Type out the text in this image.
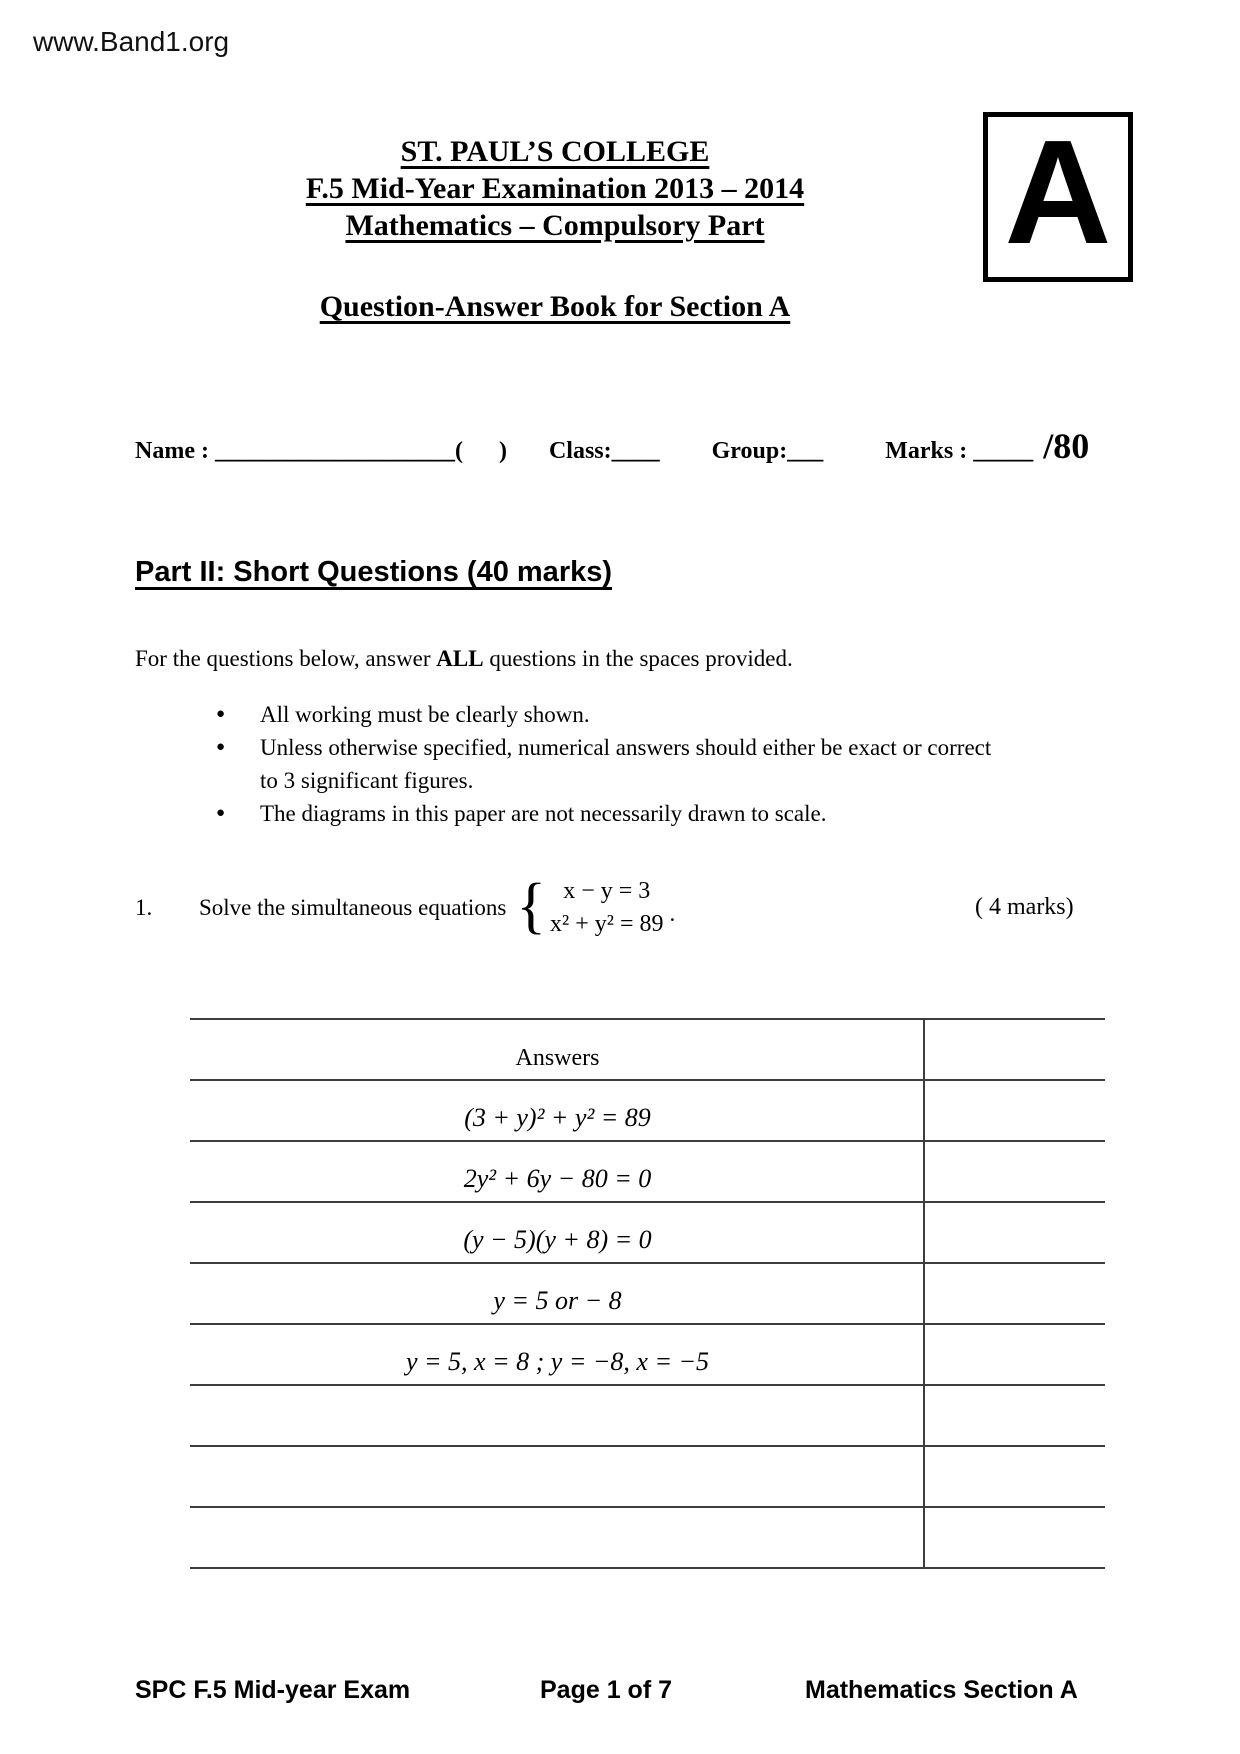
www.Band1.org
ST. PAUL’S COLLEGE
F.5 Mid-Year Examination 2013 – 2014
Mathematics – Compulsory Part	A
Question-Answer Book for Section A
Name : ____________________ (      ) Class: ____ Group: ___	Marks : _____ /80
Part II: Short Questions (40 marks)
For the questions below, answer ALL questions in the spaces provided.
●	All working must be clearly shown.
●	Unless otherwise specified, numerical answers should either be exact or correct
to 3 significant figures.
●	The diagrams in this paper are not necessarily drawn to scale.
1.	Solve the simultaneous equations { x − y = 3
x² + y² = 89 .	( 4 marks)
Answers
(3 + y)² + y² = 89
2y² + 6y − 80 = 0
(y − 5)(y + 8) = 0
y = 5 or − 8
y = 5, x = 8 ; y = −8, x = −5
SPC F.5 Mid-year Exam	Page 1 of 7	Mathematics Section A
